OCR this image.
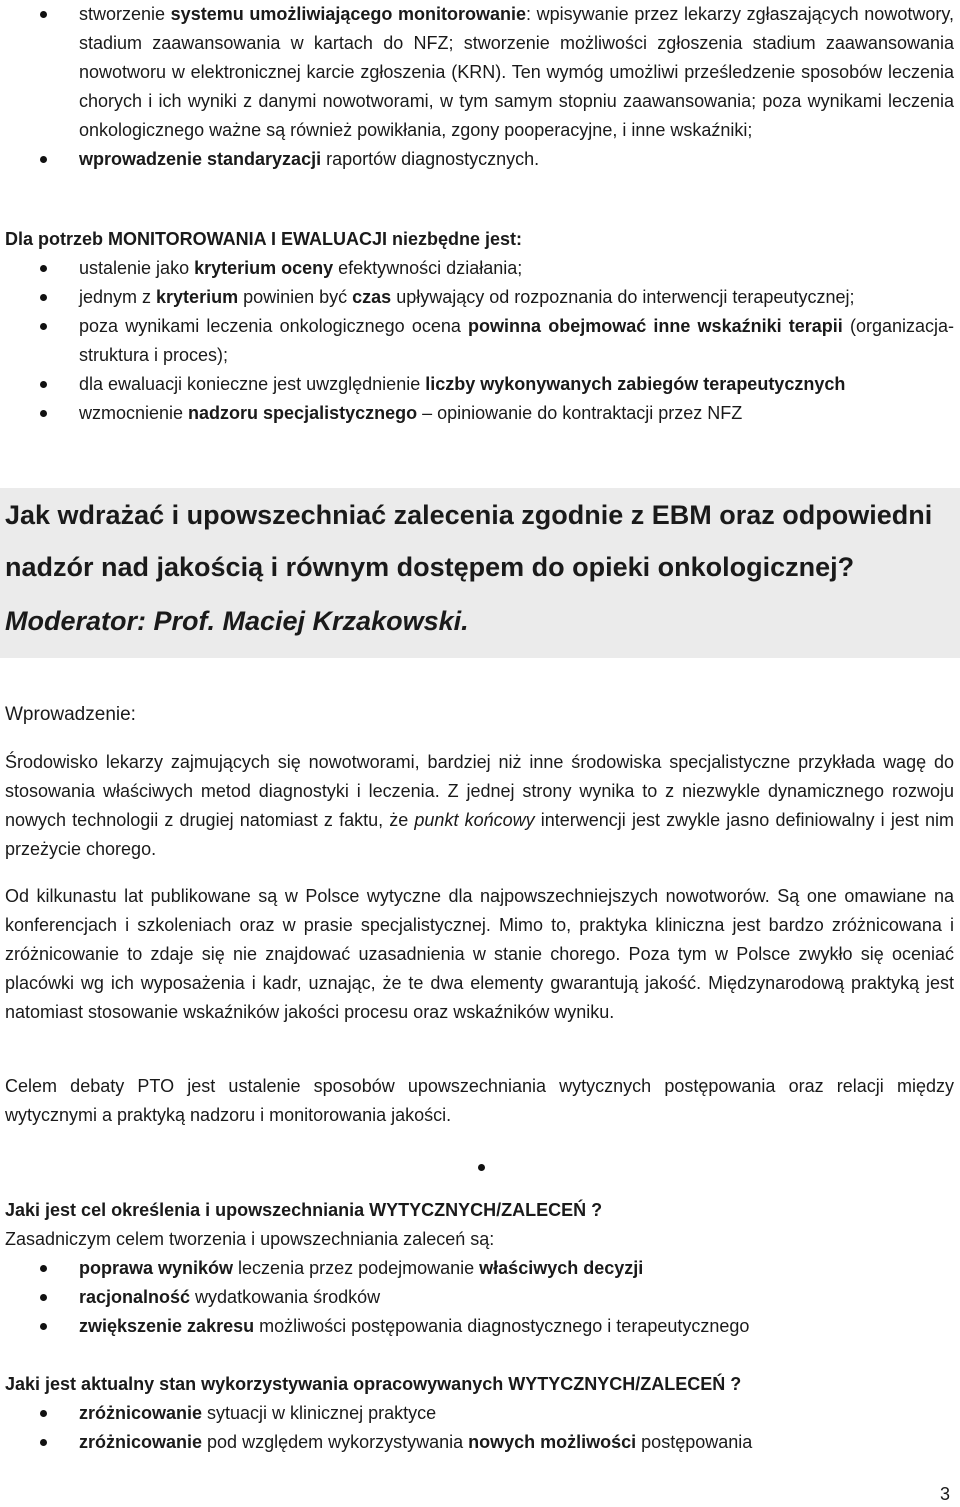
stworzenie systemu umożliwiającego monitorowanie: wpisywanie przez lekarzy zgłaszających nowotwory, stadium zaawansowania w kartach do NFZ; stworzenie możliwości zgłoszenia stadium zaawansowania nowotworu w elektronicznej karcie zgłoszenia (KRN). Ten wymóg umożliwi prześledzenie sposobów leczenia chorych i ich wyniki z danymi nowotworami, w tym samym stopniu zaawansowania; poza wynikami leczenia onkologicznego ważne są również powikłania, zgony pooperacyjne, i inne wskaźniki;
wprowadzenie standaryzacji raportów diagnostycznych.
Dla potrzeb MONITOROWANIA I EWALUACJI niezbędne jest:
ustalenie jako kryterium oceny efektywności działania;
jednym z kryterium powinien być czas upływający od rozpoznania do interwencji terapeutycznej;
poza wynikami leczenia onkologicznego ocena powinna obejmować inne wskaźniki terapii (organizacja-struktura i proces);
dla ewaluacji konieczne jest uwzględnienie liczby wykonywanych zabiegów terapeutycznych
wzmocnienie nadzoru specjalistycznego – opiniowanie do kontraktacji przez NFZ
Jak wdrażać i upowszechniać zalecenia zgodnie z EBM oraz odpowiedni
nadzór nad jakością i równym dostępem do opieki onkologicznej?
Moderator: Prof. Maciej Krzakowski.
Wprowadzenie:
Środowisko lekarzy zajmujących się nowotworami, bardziej niż inne środowiska specjalistyczne przykłada wagę do stosowania właściwych metod diagnostyki i leczenia. Z jednej strony wynika to z niezwykle dynamicznego rozwoju nowych technologii z drugiej natomiast z faktu, że punkt końcowy interwencji jest zwykle jasno definiowalny i jest nim przeżycie chorego.
Od kilkunastu lat publikowane są w Polsce wytyczne dla najpowszechniejszych nowotworów. Są one omawiane na konferencjach i szkoleniach oraz w prasie specjalistycznej. Mimo to, praktyka kliniczna jest bardzo zróżnicowana i zróżnicowanie to zdaje się nie znajdować uzasadnienia w stanie chorego. Poza tym w Polsce zwykło się oceniać placówki wg ich wyposażenia i kadr, uznając, że te dwa elementy gwarantują jakość. Międzynarodową praktyką jest natomiast stosowanie wskaźników jakości procesu oraz wskaźników wyniku.
Celem debaty PTO jest ustalenie sposobów upowszechniania wytycznych postępowania oraz relacji między wytycznymi a praktyką nadzoru i monitorowania jakości.
Jaki jest cel określenia i upowszechniania WYTYCZNYCH/ZALECEŃ ?
Zasadniczym celem tworzenia i upowszechniania zaleceń są:
poprawa wyników leczenia przez podejmowanie właściwych decyzji
racjonalność wydatkowania środków
zwiększenie zakresu możliwości postępowania diagnostycznego i terapeutycznego
Jaki jest aktualny stan wykorzystywania opracowywanych WYTYCZNYCH/ZALECEŃ ?
zróżnicowanie sytuacji w klinicznej praktyce
zróżnicowanie pod względem wykorzystywania nowych możliwości postępowania
3
